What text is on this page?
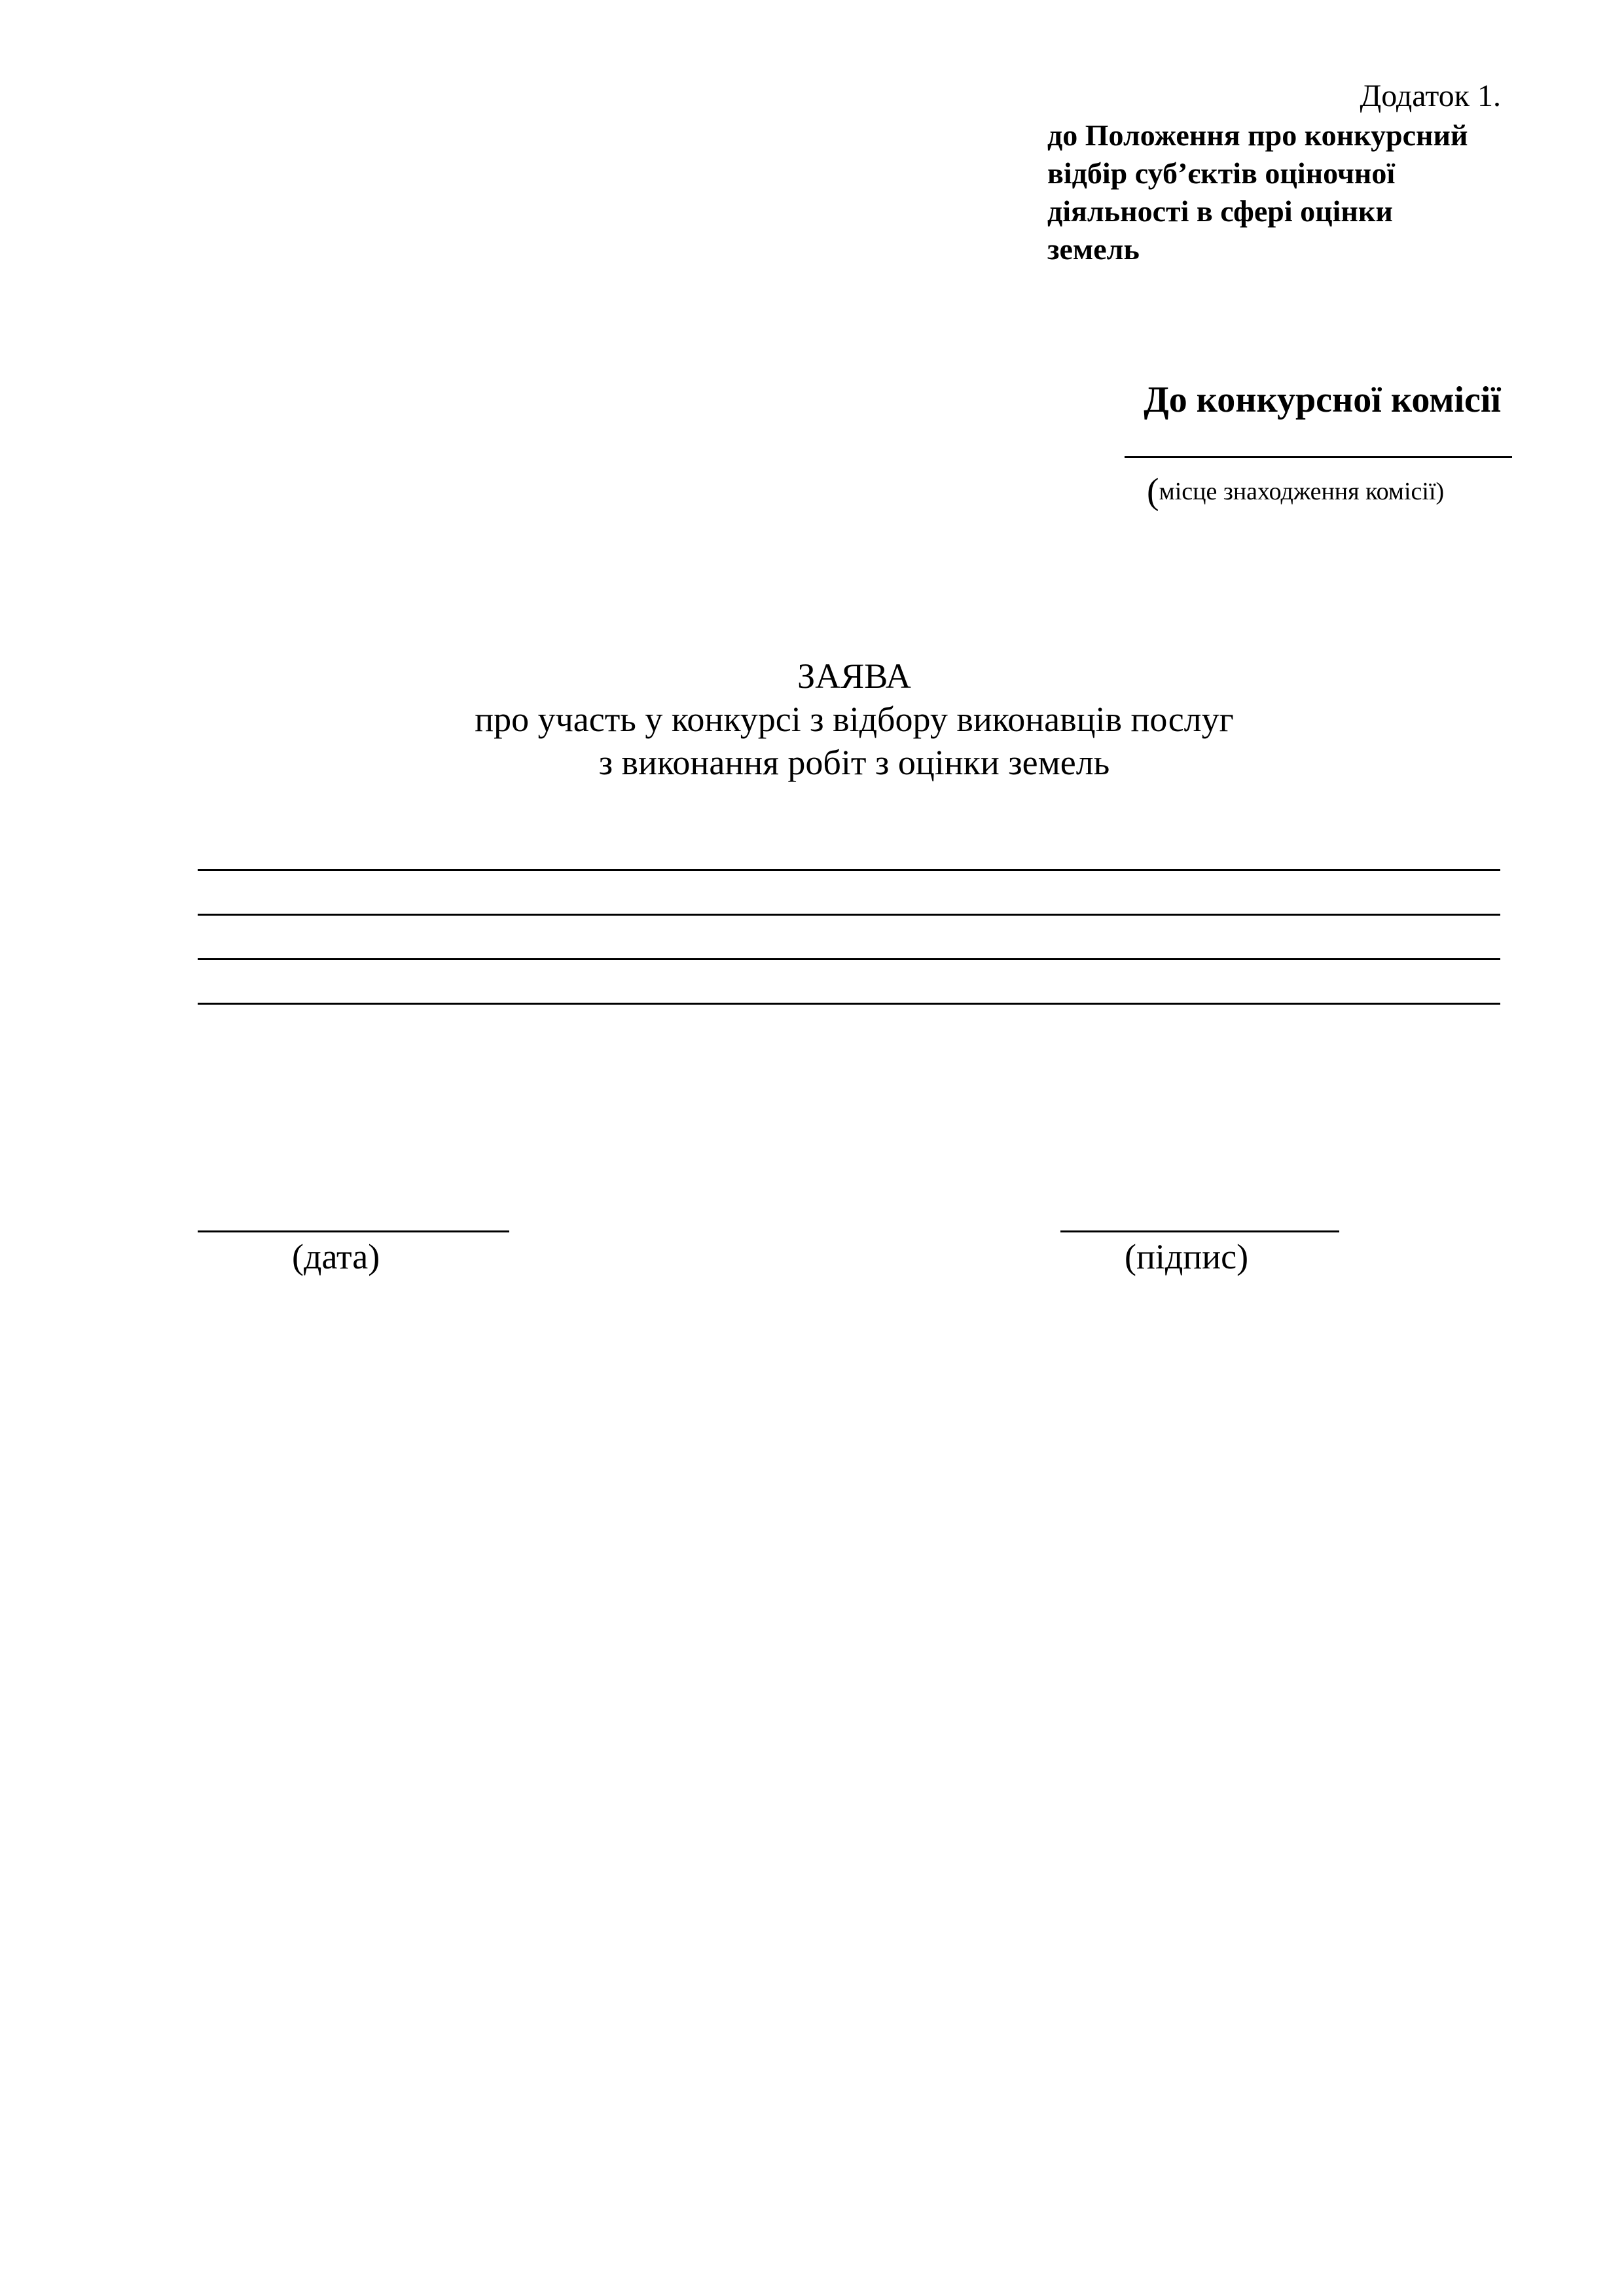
Додаток 1.
до Положення про конкурсний
відбір суб’єктів оціночної
діяльності в сфері оцінки
земель
До конкурсної комісії
(місце знаходження комісії)
ЗАЯВА
про участь у конкурсі з відбору виконавців послуг
з виконання робіт з оцінки земель
(дата)	(підпис)
